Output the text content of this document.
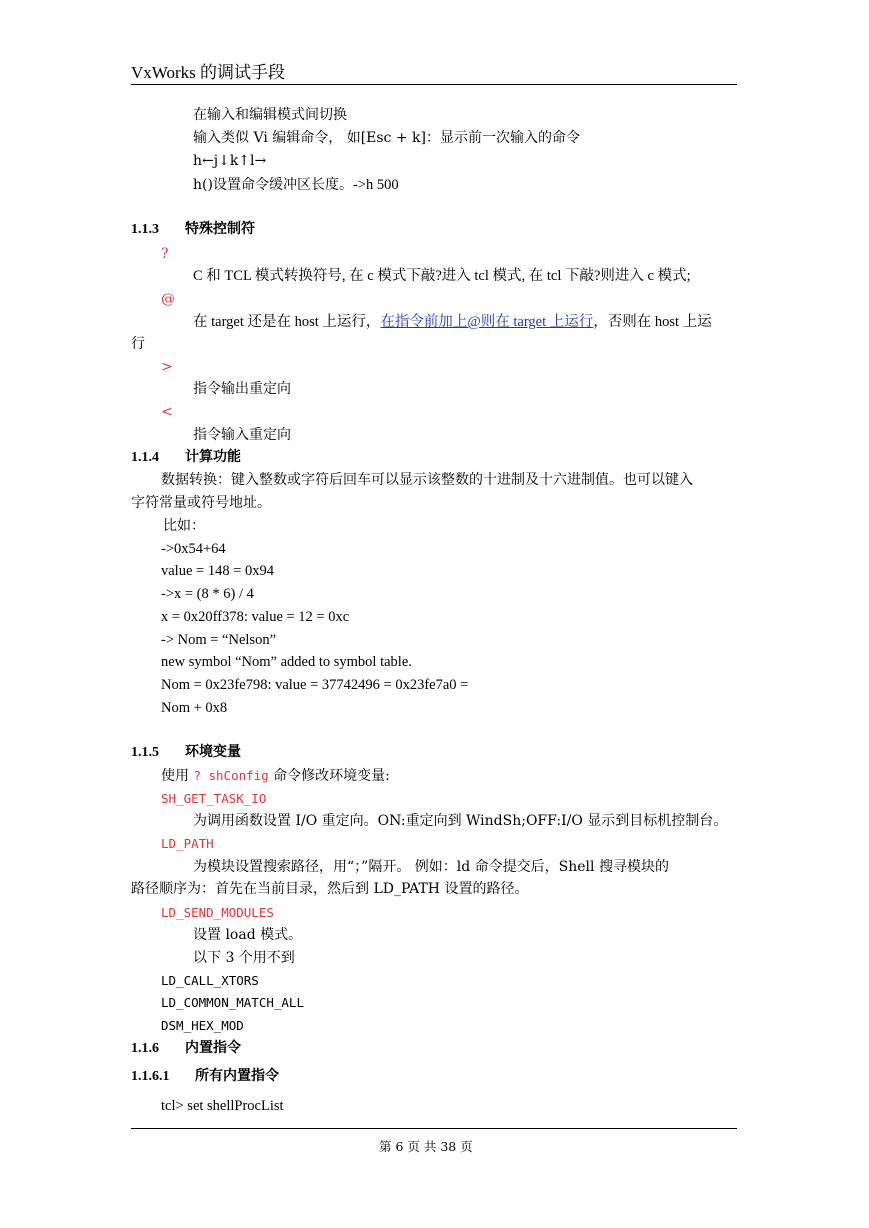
VxWorks 的调试手段
在输入和编辑模式间切换
输入类似 Vi 编辑命令， 如[Esc + k]：显示前一次输入的命令
h←j↓k↑l→
h()设置命令缓冲区长度。->h 500
1.1.3 特殊控制符
?
C 和 TCL 模式转换符号, 在 c 模式下敲?进入 tcl 模式, 在 tcl 下敲?则进入 c 模式;
@
在 target 还是在 host 上运行，在指令前加上@则在 target 上运行，否则在 host 上运
行
>
指令输出重定向
<
指令输入重定向
1.1.4 计算功能
数据转换：键入整数或字符后回车可以显示该整数的十进制及十六进制值。也可以键入
字符常量或符号地址。
比如：
->0x54+64
value = 148 = 0x94
->x = (8 * 6) / 4
x = 0x20ff378: value = 12 = 0xc
-> Nom = “Nelson”
new symbol “Nom” added to symbol table.
Nom = 0x23fe798: value = 37742496 = 0x23fe7a0 =
Nom + 0x8
1.1.5 环境变量
使用 ? shConfig 命令修改环境变量:
SH_GET_TASK_IO
为调用函数设置 I/O 重定向。ON:重定向到 WindSh;OFF:I/O 显示到目标机控制台。
LD_PATH
为模块设置搜索路径，用“；”隔开。 例如：ld 命令提交后，Shell 搜寻模块的
路径顺序为：首先在当前目录，然后到 LD_PATH 设置的路径。
LD_SEND_MODULES
设置 load 模式。
以下 3 个用不到
LD_CALL_XTORS
LD_COMMON_MATCH_ALL
DSM_HEX_MOD
1.1.6 内置指令
1.1.6.1 所有内置指令
tcl> set shellProcList
第 6 页 共 38 页
